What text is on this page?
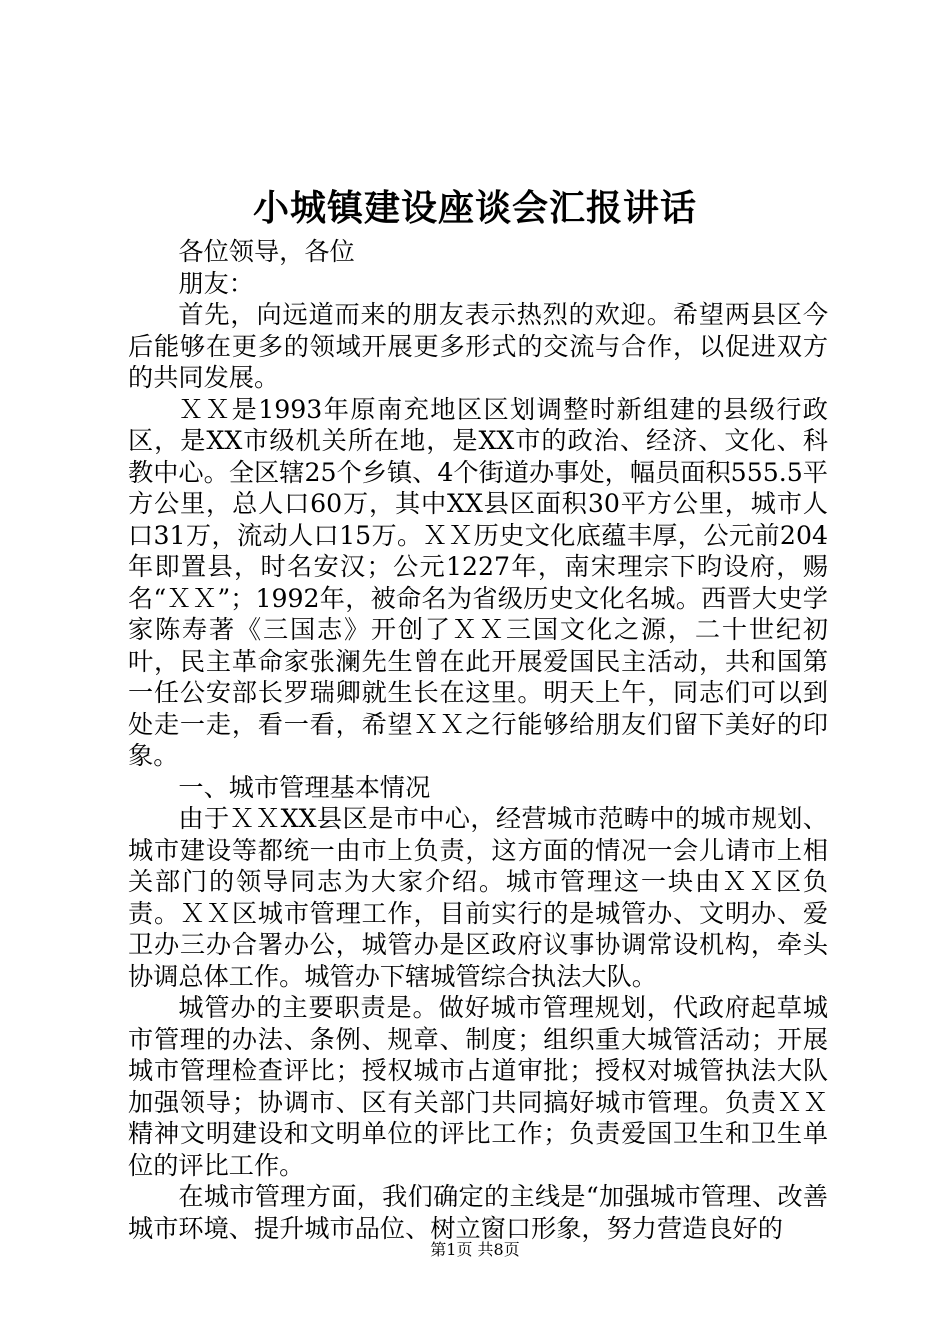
小城镇建设座谈会汇报讲话

各位领导，各位

朋友：

首先，向远道而来的朋友表示热烈的欢迎。希望两县区今后能够在更多的领域开展更多形式的交流与合作，以促进双方的共同发展。

ＸＸ是1993年原南充地区区划调整时新组建的县级行政区，是XX市级机关所在地，是XX市的政治、经济、文化、科教中心。全区辖25个乡镇、4个街道办事处，幅员面积555.5平方公里，总人口60万，其中XX县区面积30平方公里，城市人口31万，流动人口15万。ＸＸ历史文化底蕴丰厚，公元前204年即置县，时名安汉；公元1227年，南宋理宗下昀设府，赐名“ＸＸ”；1992年，被命名为省级历史文化名城。西晋大史学家陈寿著《三国志》开创了ＸＸ三国文化之源，二十世纪初叶，民主革命家张澜先生曾在此开展爱国民主活动，共和国第一任公安部长罗瑞卿就生长在这里。明天上午，同志们可以到处走一走，看一看，希望ＸＸ之行能够给朋友们留下美好的印象。

一、城市管理基本情况

由于ＸＸXX县区是市中心，经营城市范畴中的城市规划、城市建设等都统一由市上负责，这方面的情况一会儿请市上相关部门的领导同志为大家介绍。城市管理这一块由ＸＸ区负责。ＸＸ区城市管理工作，目前实行的是城管办、文明办、爱卫办三办合署办公，城管办是区政府议事协调常设机构，牵头协调总体工作。城管办下辖城管综合执法大队。

城管办的主要职责是。做好城市管理规划，代政府起草城市管理的办法、条例、规章、制度；组织重大城管活动；开展城市管理检查评比；授权城市占道审批；授权对城管执法大队加强领导；协调市、区有关部门共同搞好城市管理。负责ＸＸ精神文明建设和文明单位的评比工作；负责爱国卫生和卫生单位的评比工作。

在城市管理方面，我们确定的主线是“加强城市管理、改善城市环境、提升城市品位、树立窗口形象，努力营造良好的

第1页 共8页
